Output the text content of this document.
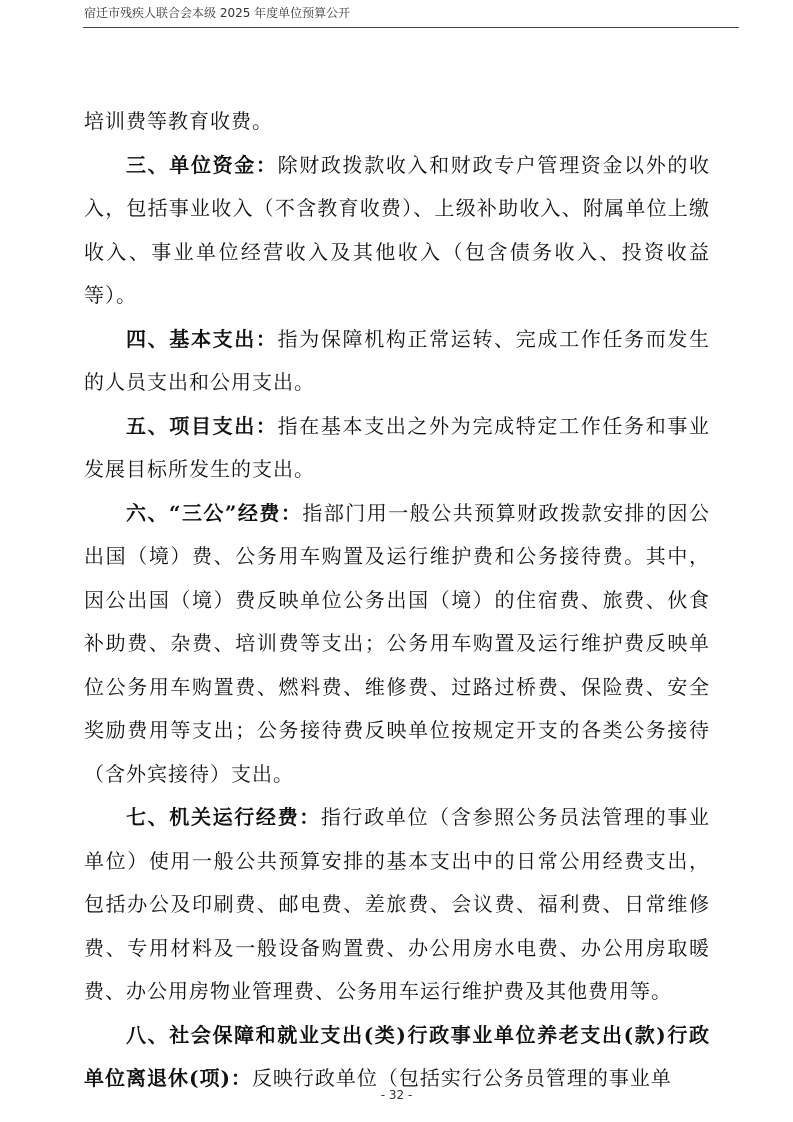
宿迁市残疾人联合会本级 2025 年度单位预算公开

培训费等教育收费。

三、单位资金：除财政拨款收入和财政专户管理资金以外的收入，包括事业收入（不含教育收费）、上级补助收入、附属单位上缴收入、事业单位经营收入及其他收入（包含债务收入、投资收益等）。

四、基本支出：指为保障机构正常运转、完成工作任务而发生的人员支出和公用支出。

五、项目支出：指在基本支出之外为完成特定工作任务和事业发展目标所发生的支出。

六、“三公”经费：指部门用一般公共预算财政拨款安排的因公出国（境）费、公务用车购置及运行维护费和公务接待费。其中，因公出国（境）费反映单位公务出国（境）的住宿费、旅费、伙食补助费、杂费、培训费等支出；公务用车购置及运行维护费反映单位公务用车购置费、燃料费、维修费、过路过桥费、保险费、安全奖励费用等支出；公务接待费反映单位按规定开支的各类公务接待（含外宾接待）支出。

七、机关运行经费：指行政单位（含参照公务员法管理的事业单位）使用一般公共预算安排的基本支出中的日常公用经费支出，包括办公及印刷费、邮电费、差旅费、会议费、福利费、日常维修费、专用材料及一般设备购置费、办公用房水电费、办公用房取暖费、办公用房物业管理费、公务用车运行维护费及其他费用等。

八、社会保障和就业支出(类)行政事业单位养老支出(款)行政单位离退休(项)：反映行政单位（包括实行公务员管理的事业单

- 32 -
